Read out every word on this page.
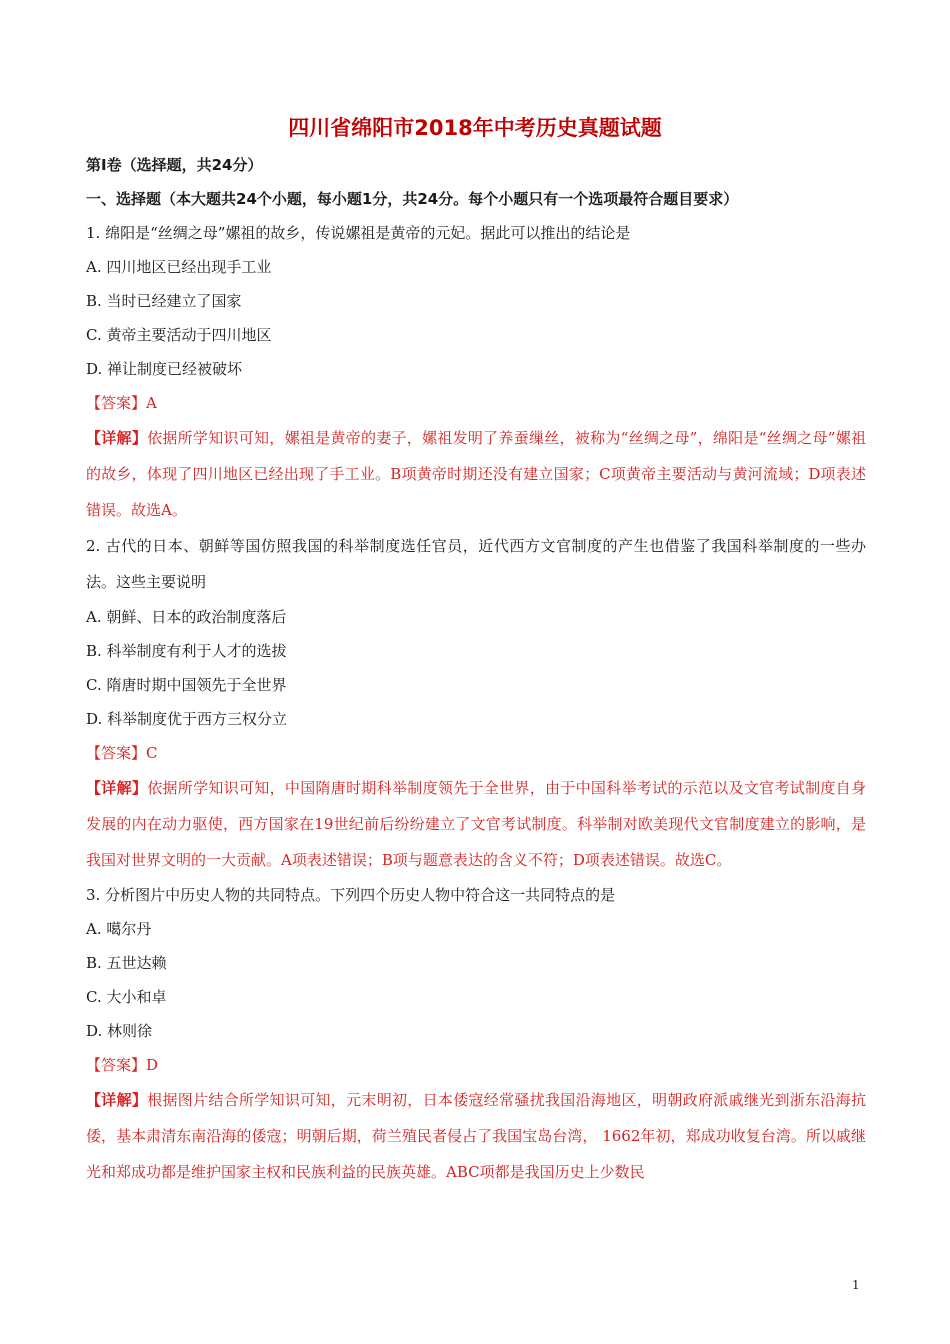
四川省绵阳市2018年中考历史真题试题
第Ⅰ卷（选择题，共24分）
一、选择题（本大题共24个小题，每小题1分，共24分。每个小题只有一个选项最符合题目要求）
1. 绵阳是“丝绸之母”嫘祖的故乡，传说嫘祖是黄帝的元妃。据此可以推出的结论是
A. 四川地区已经出现手工业
B. 当时已经建立了国家
C. 黄帝主要活动于四川地区
D. 禅让制度已经被破坏
【答案】A
【详解】依据所学知识可知，嫘祖是黄帝的妻子，嫘祖发明了养蚕缫丝，被称为“丝绸之母”，绵阳是“丝绸之母”嫘祖的故乡，体现了四川地区已经出现了手工业。B项黄帝时期还没有建立国家；C项黄帝主要活动与黄河流域；D项表述错误。故选A。
2. 古代的日本、朝鲜等国仿照我国的科举制度选任官员，近代西方文官制度的产生也借鉴了我国科举制度的一些办法。这些主要说明
A. 朝鲜、日本的政治制度落后
B. 科举制度有利于人才的选拔
C. 隋唐时期中国领先于全世界
D. 科举制度优于西方三权分立
【答案】C
【详解】依据所学知识可知，中国隋唐时期科举制度领先于全世界，由于中国科举考试的示范以及文官考试制度自身发展的内在动力驱使，西方国家在19世纪前后纷纷建立了文官考试制度。科举制对欧美现代文官制度建立的影响，是我国对世界文明的一大贡献。A项表述错误；B项与题意表达的含义不符；D项表述错误。故选C。
3. 分析图片中历史人物的共同特点。下列四个历史人物中符合这一共同特点的是
A. 噶尔丹
B. 五世达赖
C. 大小和卓
D. 林则徐
【答案】D
【详解】根据图片结合所学知识可知，元末明初，日本倭寇经常骚扰我国沿海地区，明朝政府派戚继光到浙东沿海抗倭，基本肃清东南沿海的倭寇；明朝后期，荷兰殖民者侵占了我国宝岛台湾， 1662年初，郑成功收复台湾。所以戚继光和郑成功都是维护国家主权和民族利益的民族英雄。ABC项都是我国历史上少数民
1
